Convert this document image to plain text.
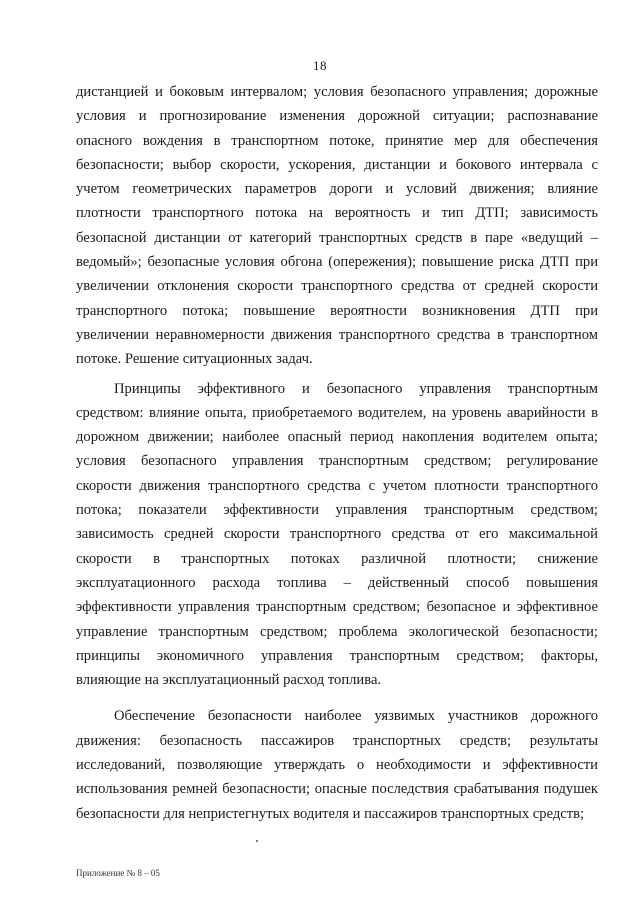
18

дистанцией и боковым интервалом; условия безопасного управления; дорожные условия и прогнозирование изменения дорожной ситуации; распознавание опасного вождения в транспортном потоке, принятие мер для обеспечения безопасности; выбор скорости, ускорения, дистанции и бокового интервала с учетом геометрических параметров дороги и условий движения; влияние плотности транспортного потока на вероятность и тип ДТП; зависимость безопасной дистанции от категорий транспортных средств в паре «ведущий – ведомый»; безопасные условия обгона (опережения); повышение риска ДТП при увеличении отклонения скорости транспортного средства от средней скорости транспортного потока; повышение вероятности возникновения ДТП при увеличении неравномерности движения транспортного средства в транспортном потоке. Решение ситуационных задач.

Принципы эффективного и безопасного управления транспортным средством: влияние опыта, приобретаемого водителем, на уровень аварийности в дорожном движении; наиболее опасный период накопления водителем опыта; условия безопасного управления транспортным средством; регулирование скорости движения транспортного средства с учетом плотности транспортного потока; показатели эффективности управления транспортным средством; зависимость средней скорости транспортного средства от его максимальной скорости в транспортных потоках различной плотности; снижение эксплуатационного расхода топлива – действенный способ повышения эффективности управления транспортным средством; безопасное и эффективное управление транспортным средством; проблема экологической безопасности; принципы экономичного управления транспортным средством; факторы, влияющие на эксплуатационный расход топлива.

Обеспечение безопасности наиболее уязвимых участников дорожного движения: безопасность пассажиров транспортных средств; результаты исследований, позволяющие утверждать о необходимости и эффективности использования ремней безопасности; опасные последствия срабатывания подушек безопасности для непристегнутых водителя и пассажиров транспортных средств;

Приложение № 8 – 05
